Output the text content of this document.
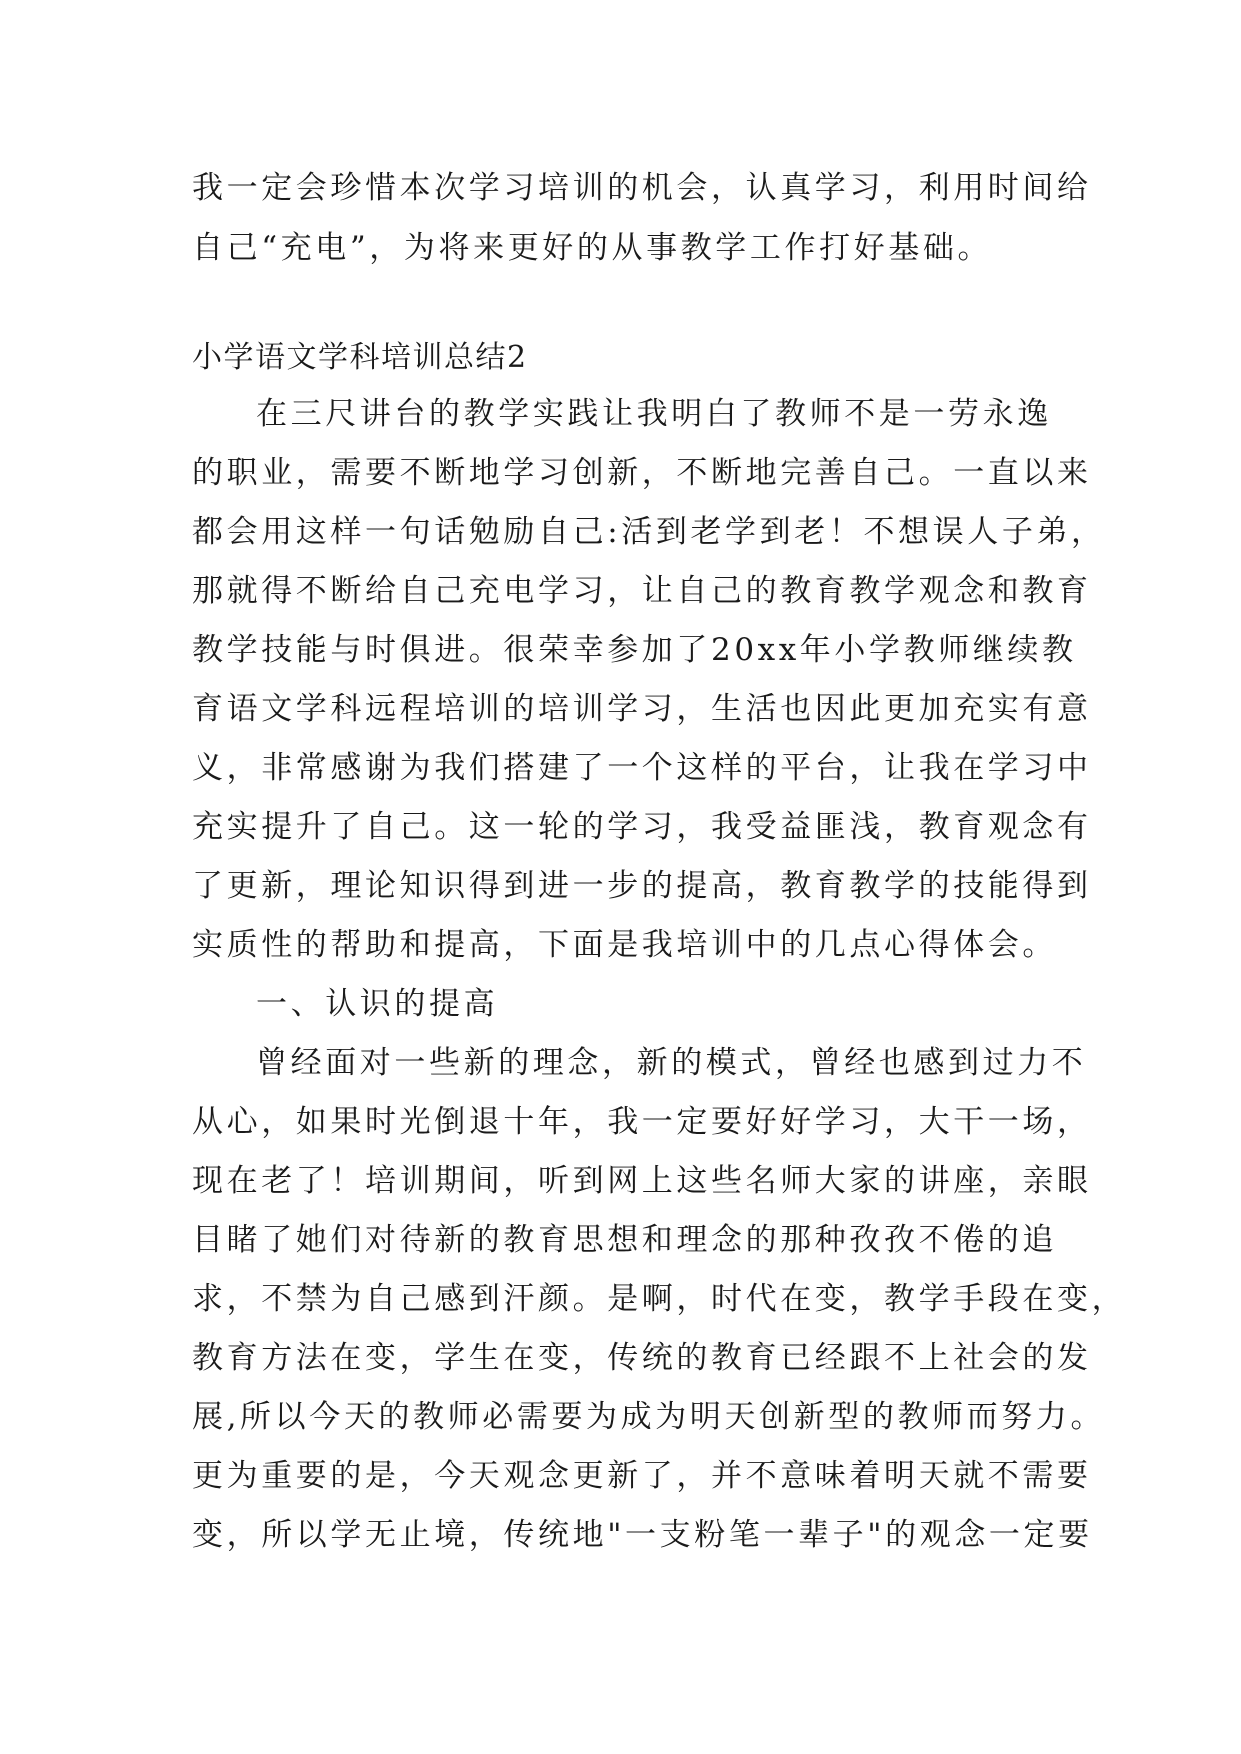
我一定会珍惜本次学习培训的机会，认真学习，利用时间给
自己“充电”，为将来更好的从事教学工作打好基础。
小学语文学科培训总结2
在三尺讲台的教学实践让我明白了教师不是一劳永逸
的职业，需要不断地学习创新，不断地完善自己。一直以来
都会用这样一句话勉励自己:活到老学到老！不想误人子弟，
那就得不断给自己充电学习，让自己的教育教学观念和教育
教学技能与时俱进。很荣幸参加了20xx年小学教师继续教
育语文学科远程培训的培训学习，生活也因此更加充实有意
义，非常感谢为我们搭建了一个这样的平台，让我在学习中
充实提升了自己。这一轮的学习，我受益匪浅，教育观念有
了更新，理论知识得到进一步的提高，教育教学的技能得到
实质性的帮助和提高，下面是我培训中的几点心得体会。
一、认识的提高
曾经面对一些新的理念，新的模式，曾经也感到过力不
从心，如果时光倒退十年，我一定要好好学习，大干一场，
现在老了！培训期间，听到网上这些名师大家的讲座，亲眼
目睹了她们对待新的教育思想和理念的那种孜孜不倦的追
求，不禁为自己感到汗颜。是啊，时代在变，教学手段在变，
教育方法在变，学生在变，传统的教育已经跟不上社会的发
展,所以今天的教师必需要为成为明天创新型的教师而努力。
更为重要的是，今天观念更新了，并不意味着明天就不需要
变，所以学无止境，传统地"一支粉笔一辈子"的观念一定要
